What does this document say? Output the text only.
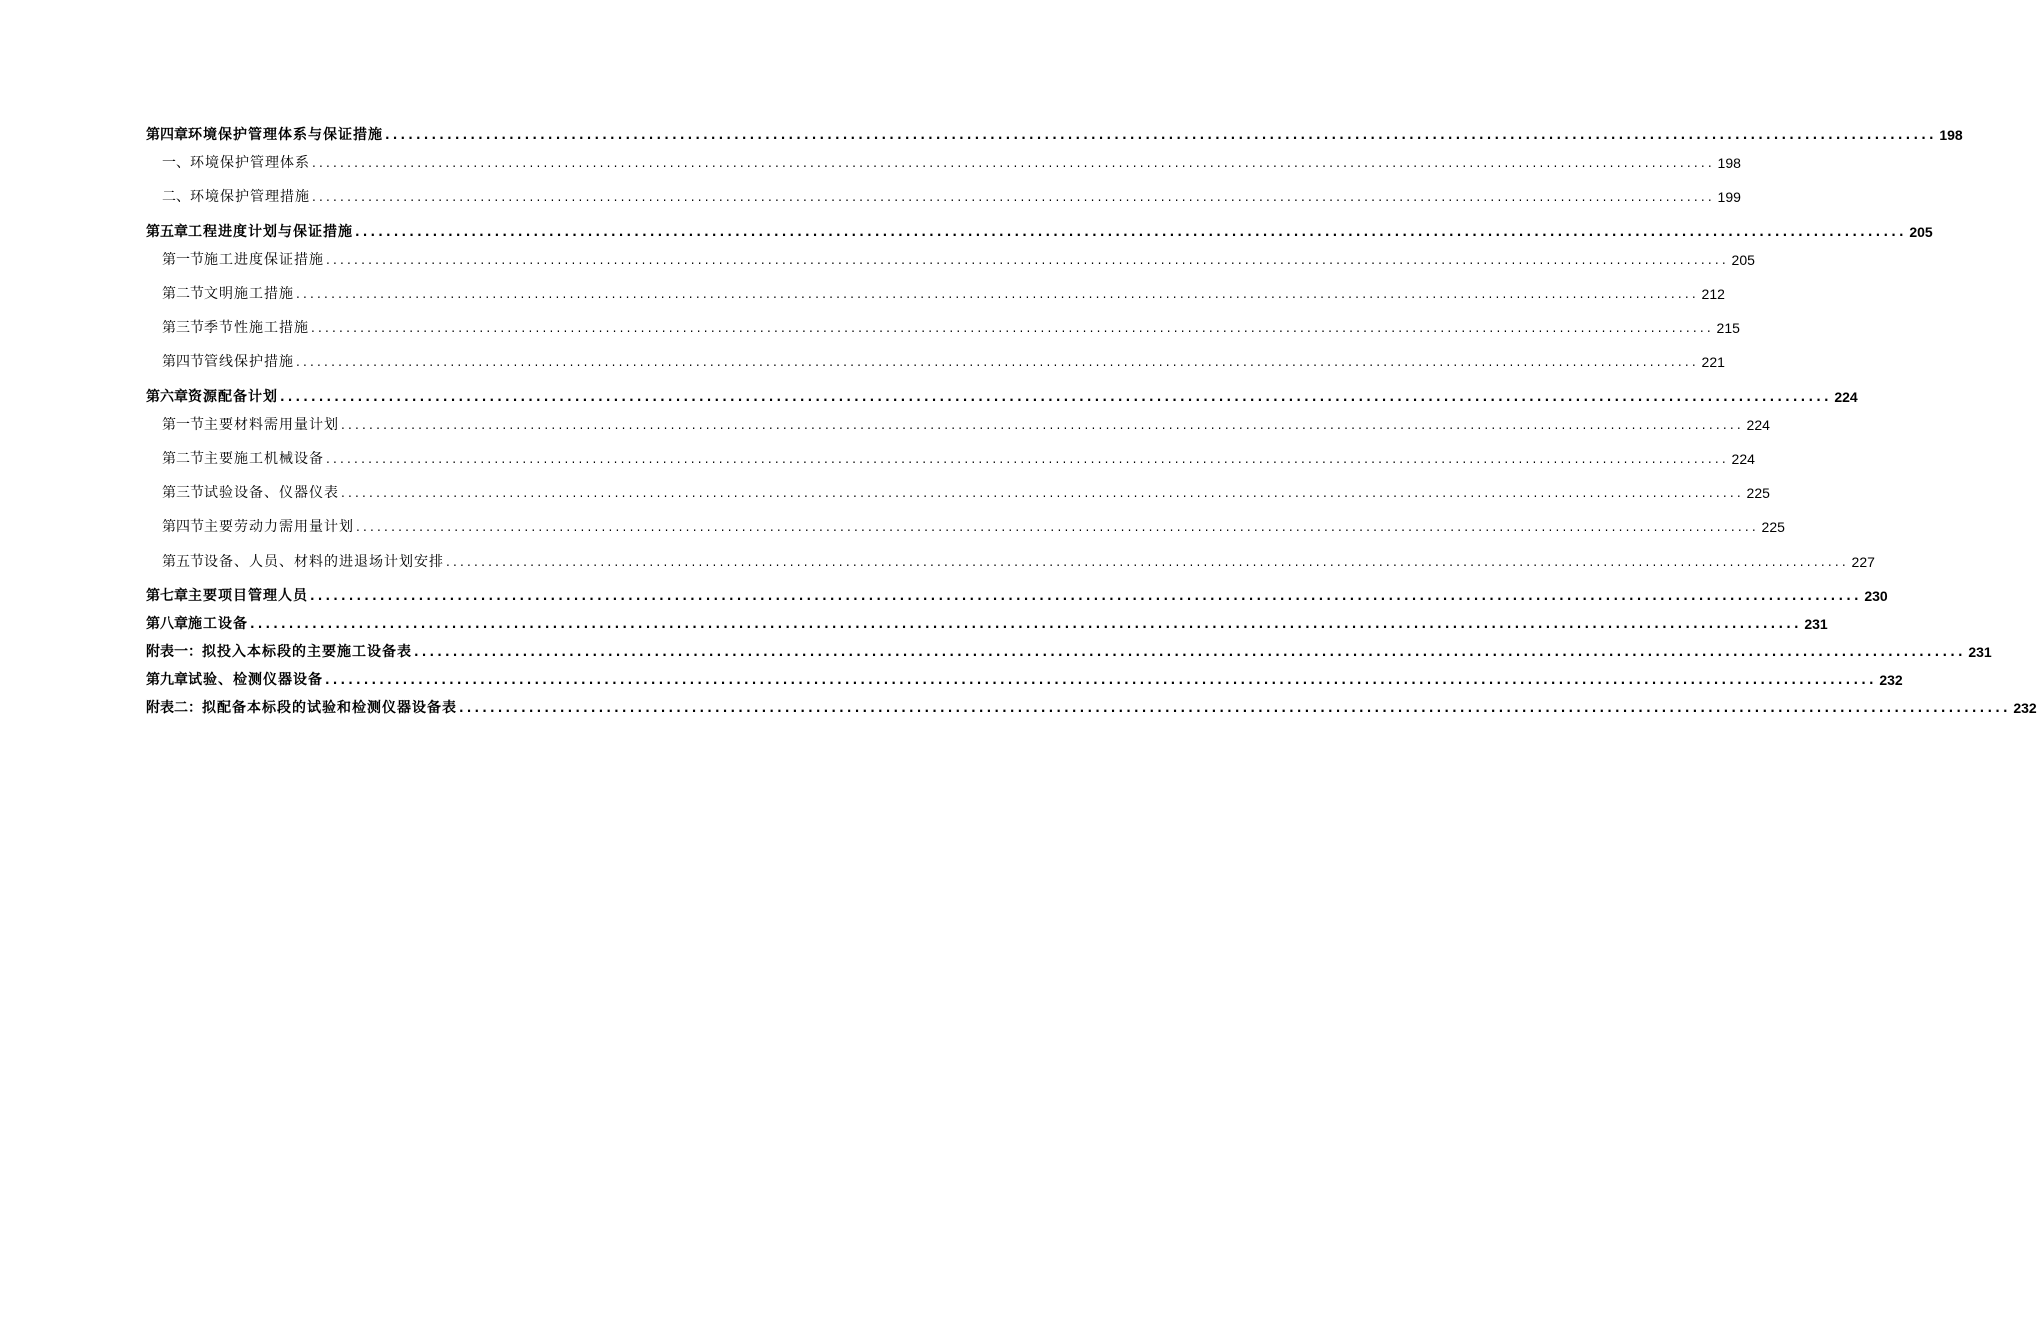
第四章 环境保护管理体系与保证措施 ........................................................................................................................................................................................................ 198
一、 环境保护管理体系 ........................................................................................................................................................................................................ 198
二、 环境保护管理措施 ........................................................................................................................................................................................................ 199
第五章 工程进度计划与保证措施 ........................................................................................................................................................................................................ 205
第一节 施工进度保证措施 ........................................................................................................................................................................................................ 205
第二节 文明施工措施 ........................................................................................................................................................................................................ 212
第三节 季节性施工措施 ........................................................................................................................................................................................................ 215
第四节 管线保护措施 ........................................................................................................................................................................................................ 221
第六章 资源配备计划 ........................................................................................................................................................................................................ 224
第一节 主要材料需用量计划 ........................................................................................................................................................................................................ 224
第二节 主要施工机械设备 ........................................................................................................................................................................................................ 224
第三节 试验设备、仪器仪表 ........................................................................................................................................................................................................ 225
第四节 主要劳动力需用量计划 ........................................................................................................................................................................................................ 225
第五节 设备、人员、材料的进退场计划安排 ........................................................................................................................................................................................................ 227
第七章 主要项目管理人员 ........................................................................................................................................................................................................ 230
第八章 施工设备 ........................................................................................................................................................................................................ 231
附表一： 拟投入本标段的主要施工设备表 ........................................................................................................................................................................................................ 231
第九章 试验、检测仪器设备 ........................................................................................................................................................................................................ 232
附表二： 拟配备本标段的试验和检测仪器设备表 ........................................................................................................................................................................................................ 232
